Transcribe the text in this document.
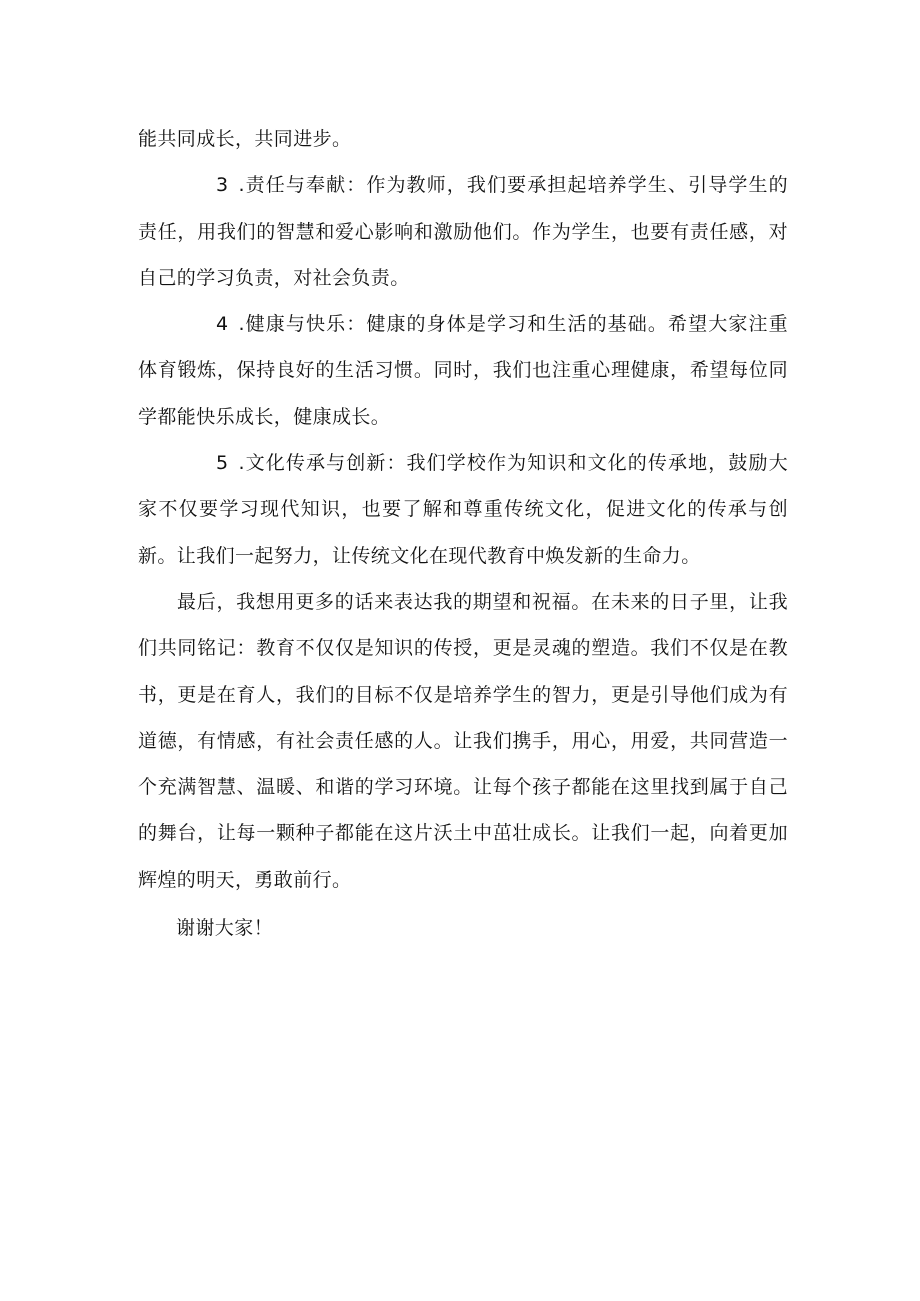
能共同成长，共同进步。

3 .责任与奉献：作为教师，我们要承担起培养学生、引导学生的责任，用我们的智慧和爱心影响和激励他们。作为学生，也要有责任感，对自己的学习负责，对社会负责。

4 .健康与快乐：健康的身体是学习和生活的基础。希望大家注重体育锻炼，保持良好的生活习惯。同时，我们也注重心理健康，希望每位同学都能快乐成长，健康成长。

5 .文化传承与创新：我们学校作为知识和文化的传承地，鼓励大家不仅要学习现代知识，也要了解和尊重传统文化，促进文化的传承与创新。让我们一起努力，让传统文化在现代教育中焕发新的生命力。

最后，我想用更多的话来表达我的期望和祝福。在未来的日子里，让我们共同铭记：教育不仅仅是知识的传授，更是灵魂的塑造。我们不仅是在教书，更是在育人，我们的目标不仅是培养学生的智力，更是引导他们成为有道德，有情感，有社会责任感的人。让我们携手，用心，用爱，共同营造一个充满智慧、温暖、和谐的学习环境。让每个孩子都能在这里找到属于自己的舞台，让每一颗种子都能在这片沃土中茁壮成长。让我们一起，向着更加辉煌的明天，勇敢前行。

谢谢大家！
